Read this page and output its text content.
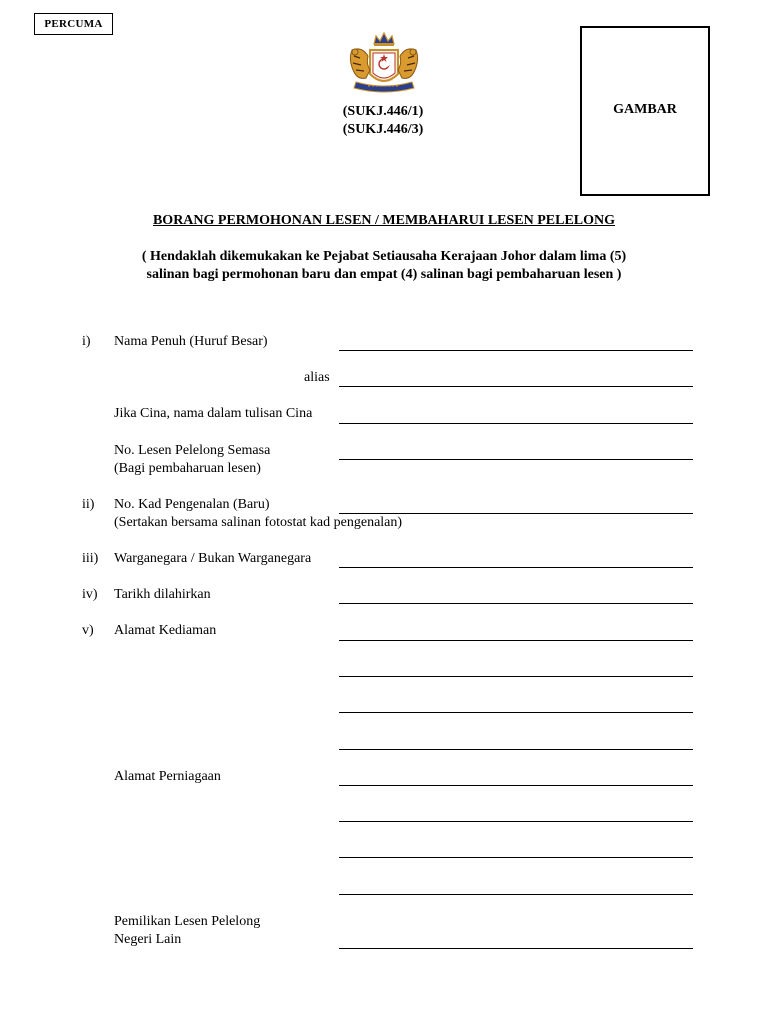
PERCUMA
(SUKJ.446/1)
(SUKJ.446/3)
GAMBAR
BORANG PERMOHONAN LESEN / MEMBAHARUI LESEN PELELONG
( Hendaklah dikemukakan ke Pejabat Setiausaha Kerajaan Johor dalam lima (5)
salinan bagi permohonan baru dan empat (4) salinan bagi pembaharuan lesen )
i) Nama Penuh (Huruf Besar)
alias
Jika Cina, nama dalam tulisan Cina
No. Lesen Pelelong Semasa
(Bagi pembaharuan lesen)
ii) No. Kad Pengenalan (Baru)
(Sertakan bersama salinan fotostat kad pengenalan)
iii) Warganegara / Bukan Warganegara
iv) Tarikh dilahirkan
v) Alamat Kediaman
Alamat Perniagaan
Pemilikan Lesen Pelelong
Negeri Lain
